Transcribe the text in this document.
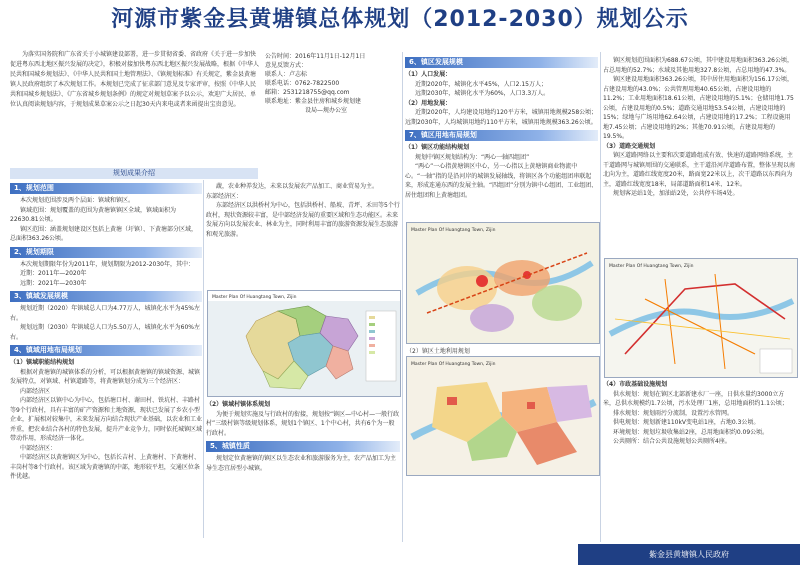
河源市紫金县黄塘镇总体规划（2012-2030）规划公示
为落实国务院和广东省关于小城镇建设部署，进一步贯彻省委、省政府《关于进一步加快促进粤东西北地区振兴发展的决定》，积极对接加快粤东西北地区振兴发展战略，根据《中华人民共和国城乡规划法》、《中华人民共和国土地管理法》、《镇规划标准》有关规定，紫金县黄塘镇人民政府组织了本次规划工作。本规划已完成了征求部门意见及专家评审，按照《中华人民共和国城乡规划法》、《广东省城乡规划条例》的规定对规划草案予以公示，欢迎广大居民、单位认真阅读规划内容，于规划成果草案公示之日起30天内来电或者来函提出宝贵意见。
公告时间：2016年11月1日-12月1日
意见反馈方式：
联系人：卢志标
联系电话：0762-7822500
邮箱：2531218755@qq.com
联系地址：紫金县住房和城乡规划建
设局—规办公室
规划成果介绍
1、规划范围

本次规划范围涉及两个层面：镇域和镇区。

镇域范围：规划覆盖的范围为黄塘镇镇区全域，镇域面积为22630.81公顷。

镇区范围：涵盖规划建设区包括上黄塘（圩镇）、下黄塘部分区域，总面积363.26公顷。

2、规划期限

本次规划期限年份为2011年，规划期限为2012-2030年，其中：

近期：2011年—2020年

远期：2021年—2030年

3、镇域发展规模

规划近期（2020）年镇域总人口为4.77万人，城镇化水平为45%左右。

规划远期（2030）年镇域总人口为5.50万人，城镇化水平为60%左右。

4、镇域用地布局规划
（1）镇域职能结构规划

根据对黄塘镇的城镇体系的分析，可以根据黄塘镇的镇域资源、城镇发展特点，对镇域、村镇道路等，将黄塘镇划分成为三个经济区：

内部经济区

内部经济区以镇中心为中心，包括塘口村、谢田村、铁坑村、丰路村等9个行政村，具有丰富的矿产资源和土地资源，现状已发展了乡农小型企业，扩展相对较集中，未来发展方向结合现状产业基础，以农业和工业并重，把农业结合各村的特色发展，提升产业竞争力，同时依托城镇区域带动作用，形成经济一体化。

中部经济区：

中部经济区以黄塘镇区为中心，包括长吉村、上黄塘村、下黄塘村、丰岗村等8个行政村。该区域为黄塘镇的中部，地形较平坦，交通区位条件优越。

蔬，农业种养发达，未来以发展农产品加工、商业贸易为主。

东部经济区：

东部经济区以洪桥村为中心，包括洪桥村、船坡、青坪、禾田等5个行政村，现状资源较丰富，是中部经济发展的重要区域和生态功能区。未来发展方向以发展农业、林业为主，同时利用丰富的旅游资源发展生态旅游和观光旅游。

Master Plan Of Huangtang Town, Zijin
（2）镇域村镇体系规划

为便于规划实施及与行政村的衔接，规划按“镇区—中心村—一般行政村”三级村镇等级规划体系，规划1个镇区、1个中心村，共有6个为一般行政村。

5、城镇性质

规划定位黄塘镇的镇区以生态农业和旅游服务为主，农产品加工为主导生态宜居型小城镇。

6、镇区发展规模
（1）人口发展：

近期2020年，城镇化水平45%，人口2.15万人；

远期2030年，城镇化水平为60%，人口3.3万人。

（2）用地发展：

近期2020年，人均建设用地约120平方米，城镇用地规模258公顷；远期2030年，人均城镇用地约110平方米，城镇用地规模363.26公顷。

7、镇区用地布局规划
（1）镇区功能结构规划

规划中镇区规划结构为：“两心一轴四组团”

“两心”一心指黄塘镇区中心，另一心指以上黄塘镇商业物流中心。“一轴”指的是沿河岸的城镇发展轴线，将镇区各个功能组团串联起来，形成连通东西的发展主轴。“四组团”分别为镇中心组团、工业组团、居住组团和上黄塘组团。

Master Plan Of Huangtang Town, Zijin
（2）镇区土地利用规划
Master Plan Of Huangtang Town, Zijin

镇区规划范围面积为688.67公顷，其中建设用地面积363.26公顷，占总用地的52.7%；水域及其他用地327.8公顷，占总用地的47.3%。

镇区建设用地面积363.26公顷，其中居住用地面积为156.17公顷，占建设用地的43.0%；公共管理用地40.65公顷，占建设用地的11.2%；工业用地面积18.61公顷，占建设用地的5.1%；仓储用地1.75公顷，占建设用地的0.5%；道路交通用地53.54公顷，占建设用地的15%；绿地与广场用地62.64公顷，占建设用地的17.2%；工程设施用地7.45公顷；占建设用地的2%；其他70.91公顷，占建设用地的19.5%。

（3）道路交通规划

镇区道路网络以主要和次要道路组成有效、快速的道路网络系统，主干道路网与城镇周围的交通联系，主干道沿河岸道路布置，整体呈现以南北向为主，道路红线宽度20米，路面宽22米以上，次干道路以东西向为主，道路红线宽度18米，局部道路面积14米、12米。

规划客运站1处，加油站2处，公共停车场4处。

Master Plan Of Huangtang Town, Zijin
（4）市政基础设施规划

供水规划：规划在镇区北部新建水厂一座，日供水量约3000立方米，总供水规模约1.7公顷，污水处理厂1座，总用地面积约1.1公顷；

排水规划：规划雨污分流制，设置污水管网。

供电规划：规划新建110kV变电站1座，占地0.3公顷。

环境规划：规划垃圾收集站2座，总用地面积约0.09公顷。

公共厕所：结合公共设施规划公共厕所4座。

紫金县黄塘镇人民政府
